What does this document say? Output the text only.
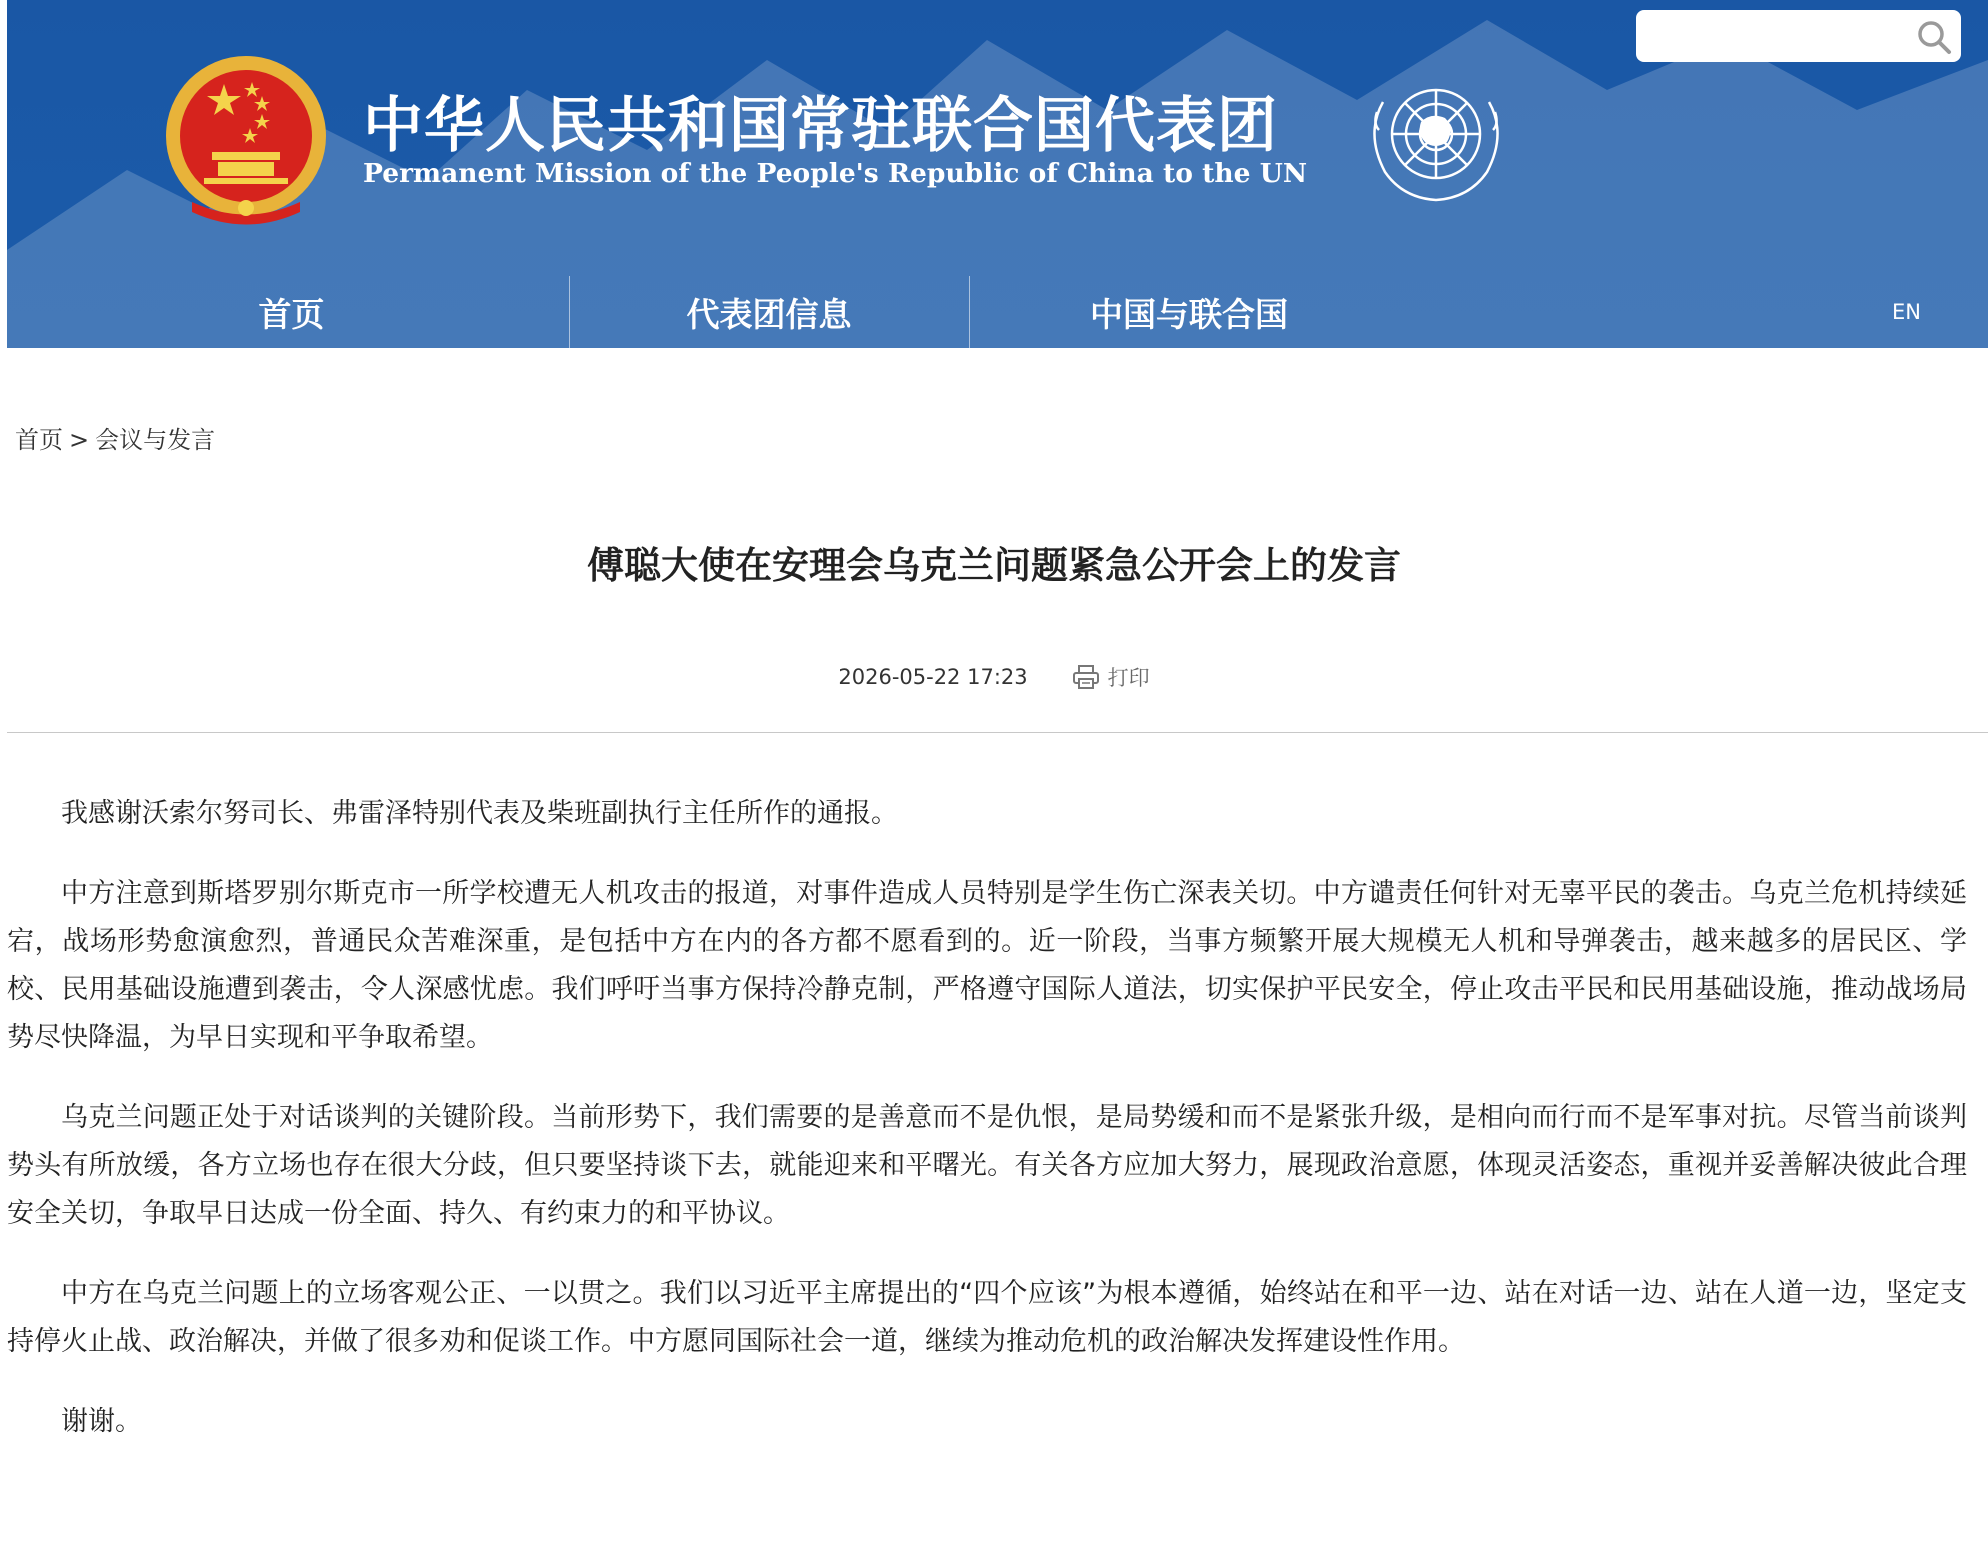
中华人民共和国常驻联合国代表团
Permanent Mission of the People's Republic of China to the UN
首页	代表团信息	中国与联合国	EN
首页 > 会议与发言
傅聪大使在安理会乌克兰问题紧急公开会上的发言
2026-05-22 17:23	打印

我感谢沃索尔努司长、弗雷泽特别代表及柴班副执行主任所作的通报。

中方注意到斯塔罗别尔斯克市一所学校遭无人机攻击的报道，对事件造成人员特别是学生伤亡深表关切。中方谴责任何针对无辜平民的袭击。乌克兰危机持续延宕，战场形势愈演愈烈，普通民众苦难深重，是包括中方在内的各方都不愿看到的。近一阶段，当事方频繁开展大规模无人机和导弹袭击，越来越多的居民区、学校、民用基础设施遭到袭击，令人深感忧虑。我们呼吁当事方保持冷静克制，严格遵守国际人道法，切实保护平民安全，停止攻击平民和民用基础设施，推动战场局势尽快降温，为早日实现和平争取希望。

乌克兰问题正处于对话谈判的关键阶段。当前形势下，我们需要的是善意而不是仇恨，是局势缓和而不是紧张升级，是相向而行而不是军事对抗。尽管当前谈判势头有所放缓，各方立场也存在很大分歧，但只要坚持谈下去，就能迎来和平曙光。有关各方应加大努力，展现政治意愿，体现灵活姿态，重视并妥善解决彼此合理安全关切，争取早日达成一份全面、持久、有约束力的和平协议。

中方在乌克兰问题上的立场客观公正、一以贯之。我们以习近平主席提出的“四个应该”为根本遵循，始终站在和平一边、站在对话一边、站在人道一边，坚定支持停火止战、政治解决，并做了很多劝和促谈工作。中方愿同国际社会一道，继续为推动危机的政治解决发挥建设性作用。

谢谢。
